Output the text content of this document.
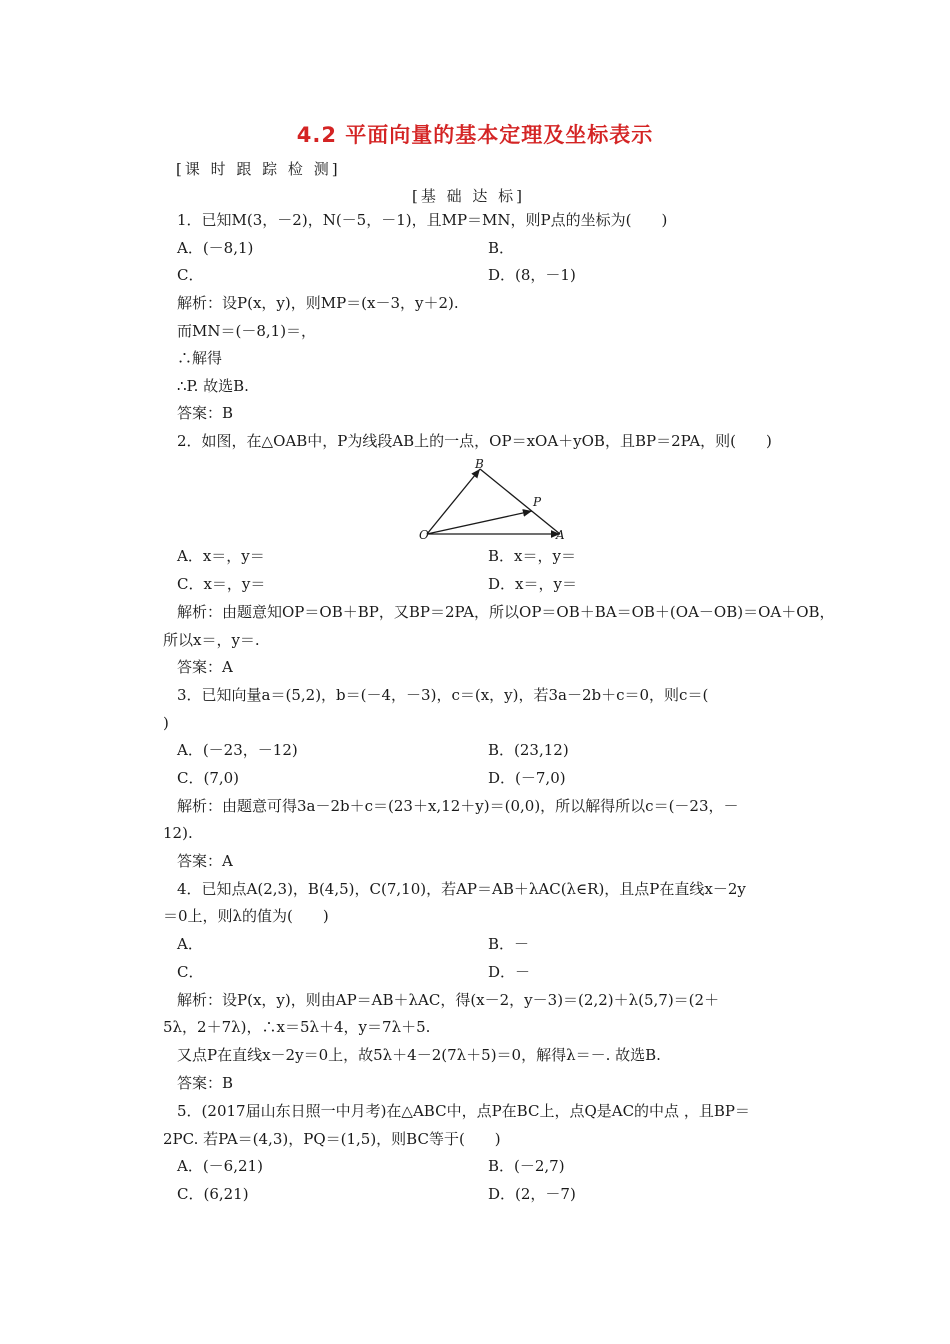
4.2 平面向量的基本定理及坐标表示
[课 时 跟 踪 检 测]
[基 础 达 标]
1．已知M(3，－2)，N(－5，－1)，且MP＝MN，则P点的坐标为(　　)
A．(－8,1)	B．
C．	D．(8，－1)
解析：设P(x，y)，则MP＝(x－3，y＋2).
而MN＝(－8,1)＝，
∴解得
∴P. 故选B.
答案：B
2．如图，在△OAB中，P为线段AB上的一点，OP＝xOA＋yOB，且BP＝2PA，则(　　)
B
P
O	A
A．x＝，y＝	B．x＝，y＝
C．x＝，y＝	D．x＝，y＝
解析：由题意知OP＝OB＋BP，又BP＝2PA，所以OP＝OB＋BA＝OB＋(OA－OB)＝OA＋OB，
所以x＝，y＝.
答案：A
3．已知向量a＝(5,2)，b＝(－4，－3)，c＝(x，y)，若3a－2b＋c＝0，则c＝(
)
A．(－23，－12)	B．(23,12)
C．(7,0)	D．(－7,0)
解析：由题意可得3a－2b＋c＝(23＋x,12＋y)＝(0,0)，所以解得所以c＝(－23，－
12).
答案：A
4．已知点A(2,3)，B(4,5)，C(7,10)，若AP＝AB＋λAC(λ∈R)，且点P在直线x－2y
＝0上，则λ的值为(　　)
A．	B．－
C．	D．－
解析：设P(x，y)，则由AP＝AB＋λAC，得(x－2，y－3)＝(2,2)＋λ(5,7)＝(2＋
5λ，2＋7λ)，∴x＝5λ＋4，y＝7λ＋5.
又点P在直线x－2y＝0上，故5λ＋4－2(7λ＋5)＝0，解得λ＝－. 故选B.
答案：B
5．(2017届山东日照一中月考)在△ABC中，点P在BC上，点Q是AC的中点 ，且BP＝
2PC. 若PA＝(4,3)，PQ＝(1,5)，则BC等于(　　)
A．(－6,21)	B．(－2,7)
C．(6,21)	D．(2，－7)
